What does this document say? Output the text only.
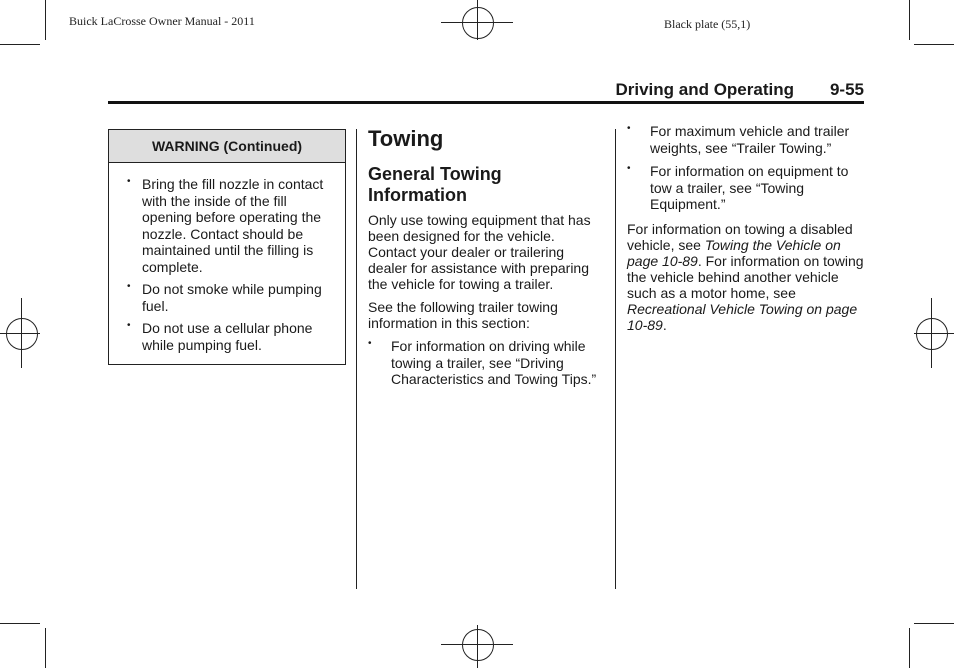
Buick LaCrosse Owner Manual - 2011	Black plate (55,1)
Driving and Operating 9-55
WARNING (Continued)
• Bring the fill nozzle in contact with the inside of the fill opening before operating the nozzle. Contact should be maintained until the filling is complete.
• Do not smoke while pumping fuel.
• Do not use a cellular phone while pumping fuel.
Towing
General Towing Information

Only use towing equipment that has been designed for the vehicle. Contact your dealer or trailering dealer for assistance with preparing the vehicle for towing a trailer.

See the following trailer towing information in this section:

• For information on driving while towing a trailer, see “Driving Characteristics and Towing Tips.”
• For maximum vehicle and trailer weights, see “Trailer Towing.”
• For information on equipment to tow a trailer, see “Towing Equipment.”

For information on towing a disabled vehicle, see Towing the Vehicle on page 10-89. For information on towing the vehicle behind another vehicle such as a motor home, see Recreational Vehicle Towing on page 10-89.
